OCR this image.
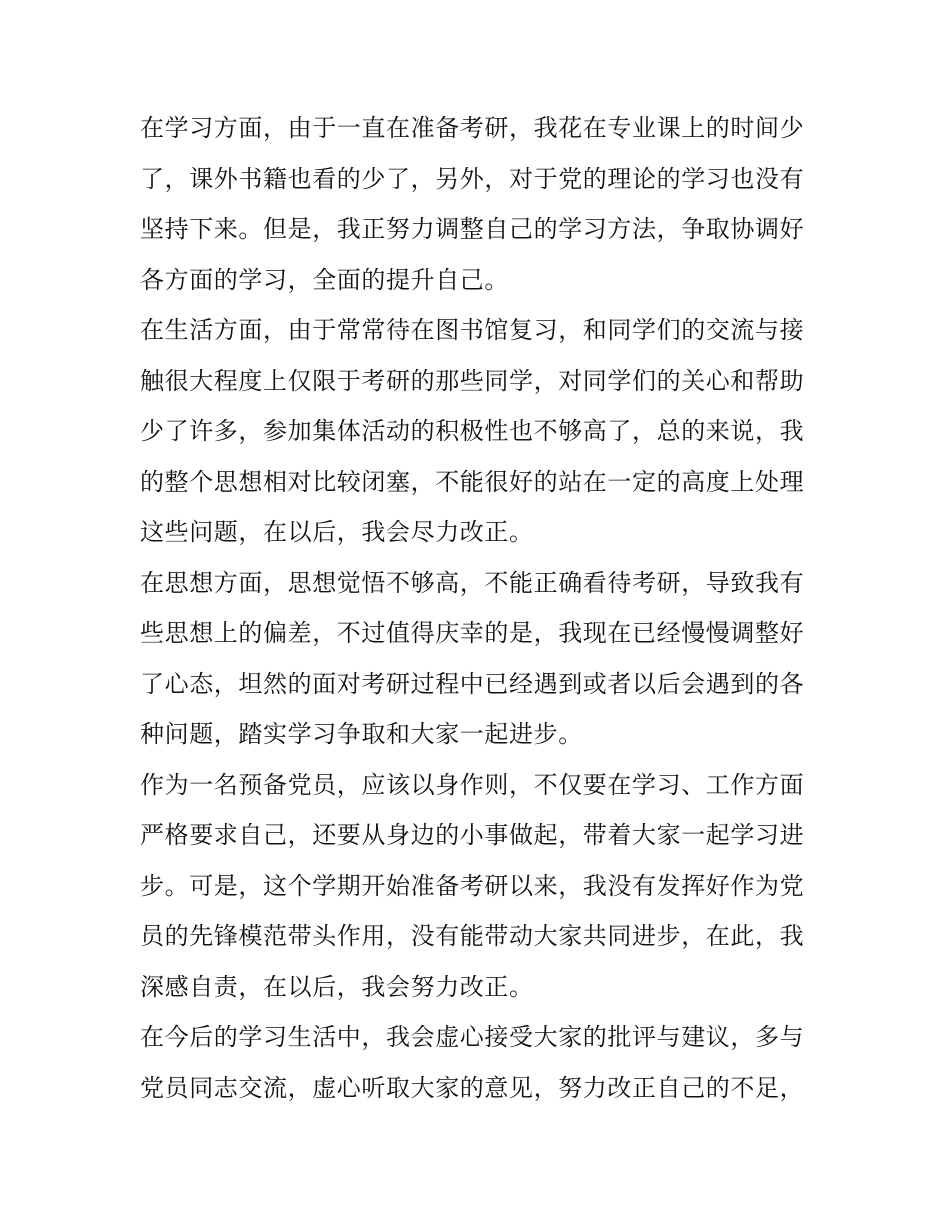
在学习方面，由于一直在准备考研，我花在专业课上的时间少
了，课外书籍也看的少了，另外，对于党的理论的学习也没有
坚持下来。但是，我正努力调整自己的学习方法，争取协调好
各方面的学习，全面的提升自己。
在生活方面，由于常常待在图书馆复习，和同学们的交流与接
触很大程度上仅限于考研的那些同学，对同学们的关心和帮助
少了许多，参加集体活动的积极性也不够高了，总的来说，我
的整个思想相对比较闭塞，不能很好的站在一定的高度上处理
这些问题，在以后，我会尽力改正。
在思想方面，思想觉悟不够高，不能正确看待考研，导致我有
些思想上的偏差，不过值得庆幸的是，我现在已经慢慢调整好
了心态，坦然的面对考研过程中已经遇到或者以后会遇到的各
种问题，踏实学习争取和大家一起进步。
作为一名预备党员，应该以身作则，不仅要在学习、工作方面
严格要求自己，还要从身边的小事做起，带着大家一起学习进
步。可是，这个学期开始准备考研以来，我没有发挥好作为党
员的先锋模范带头作用，没有能带动大家共同进步，在此，我
深感自责，在以后，我会努力改正。
在今后的学习生活中，我会虚心接受大家的批评与建议，多与
党员同志交流，虚心听取大家的意见，努力改正自己的不足，
